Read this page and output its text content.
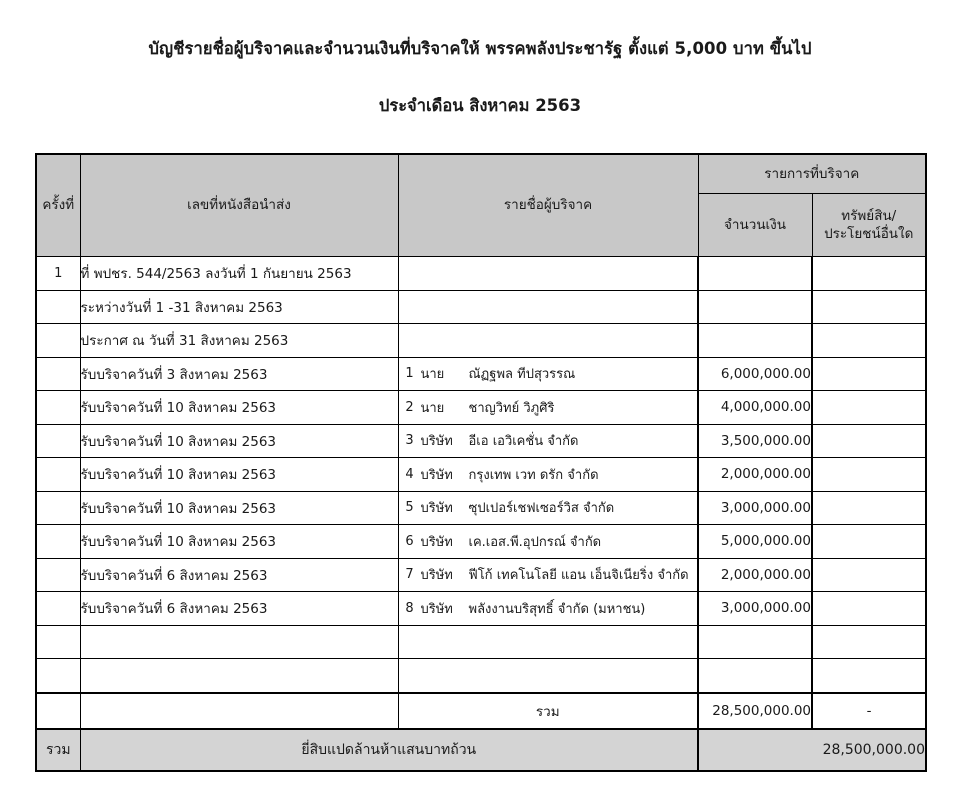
บัญชีรายชื่อผู้บริจาคและจำนวนเงินที่บริจาคให้ พรรคพลังประชารัฐ ตั้งแต่ 5,000 บาท ขึ้นไป
ประจำเดือน สิงหาคม 2563
ครั้งที่	เลขที่หนังสือนำส่ง	รายชื่อผู้บริจาค	รายการที่บริจาค	
			จำนวนเงิน	ทรัพย์สิน/
ประโยชน์อื่นใด

1	ที่ พปชร. 544/2563 ลงวันที่ 1 กันยายน 2563			
	ระหว่างวันที่ 1 -31 สิงหาคม 2563			
	ประกาศ ณ วันที่ 31 สิงหาคม 2563			
	รับบริจาควันที่ 3 สิงหาคม 2563	1 นาย ณัฏฐพล ทีปสุวรรณ	6,000,000.00	
	รับบริจาควันที่ 10 สิงหาคม 2563	2 นาย ชาญวิทย์ วิภูศิริ	4,000,000.00	
	รับบริจาควันที่ 10 สิงหาคม 2563	3 บริษัท อีเอ เอวิเคชั่น จำกัด	3,500,000.00	
	รับบริจาควันที่ 10 สิงหาคม 2563	4 บริษัท กรุงเทพ เวท ดรัก จำกัด	2,000,000.00	
	รับบริจาควันที่ 10 สิงหาคม 2563	5 บริษัท ซุปเปอร์เชฟเซอร์วิส จำกัด	3,000,000.00	
	รับบริจาควันที่ 10 สิงหาคม 2563	6 บริษัท เค.เอส.พี.อุปกรณ์ จำกัด	5,000,000.00	
	รับบริจาควันที่ 6 สิงหาคม 2563	7 บริษัท ฟีโก้ เทคโนโลยี แอน เอ็นจิเนียริ่ง จำกัด	2,000,000.00	
	รับบริจาควันที่ 6 สิงหาคม 2563	8 บริษัท พลังงานบริสุทธิ์ จำกัด (มหาชน)	3,000,000.00	

		รวม	28,500,000.00	-
รวม	ยี่สิบแปดล้านห้าแสนบาทถ้วน		28,500,000.00	
